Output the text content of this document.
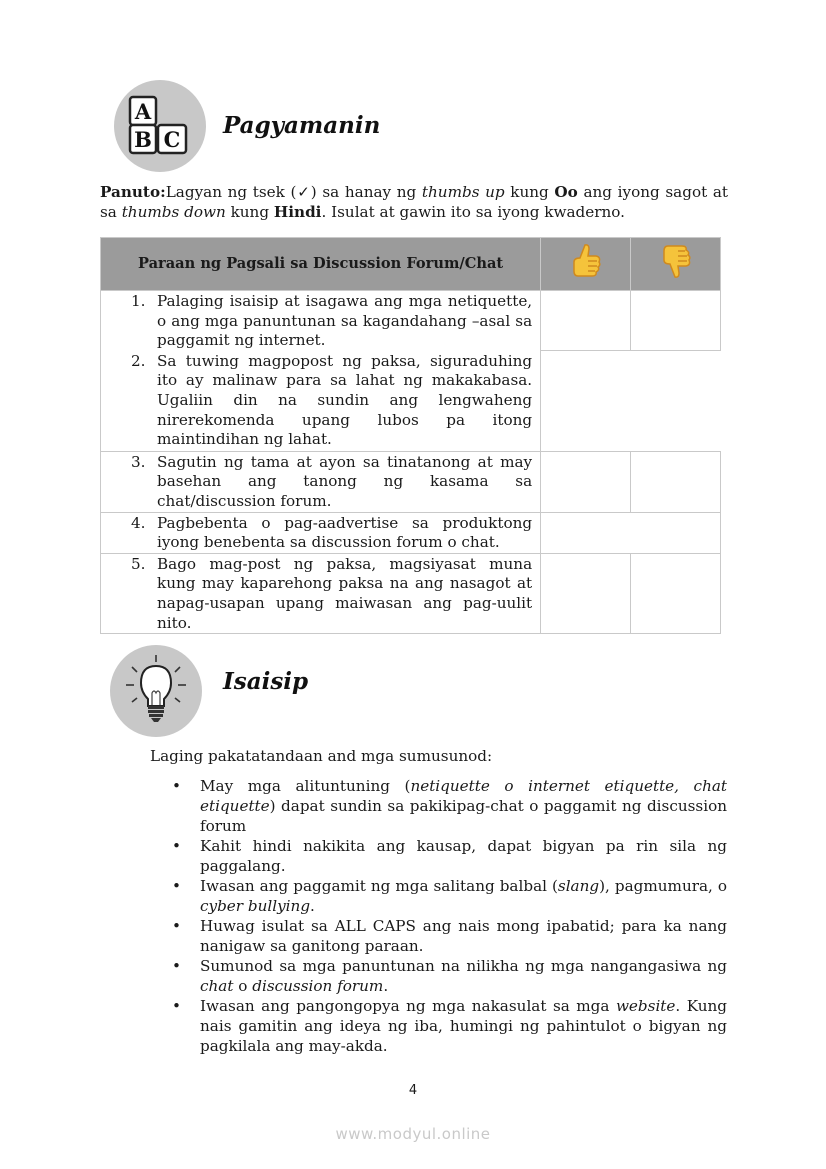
A
B C
Pagyamanin
Panuto:Lagyan ng tsek (✓) sa hanay ng thumbs up kung Oo ang iyong sagot at sa thumbs down kung Hindi. Isulat at gawin ito sa iyong kwaderno.
Paraan ng Pagsali sa Discussion Forum/Chat		

1. Palaging isaisip at isagawa ang mga netiquette, o ang mga panuntunan sa kagandahang –asal sa paggamit ng internet.		

2. Sa tuwing magpopost ng paksa, siguraduhing ito ay malinaw para sa lahat ng makakabasa. Ugaliin din na sundin ang lengwaheng nirerekomenda upang lubos pa itong maintindihan ng lahat.		

3. Sagutin ng tama at ayon sa tinatanong at may basehan ang tanong ng kasama sa chat/discussion forum.		

4. Pagbebenta o pag-aadvertise sa produktong iyong benebenta sa discussion forum o chat.		

5. Bago mag-post ng paksa, magsiyasat muna kung may kaparehong paksa na ang nasagot at napag-usapan upang maiwasan ang pag-uulit nito.		

Isaisip
Laging pakatatandaan and mga sumusunod:
• May mga alituntuning (netiquette o internet etiquette, chat etiquette) dapat sundin sa pakikipag-chat o paggamit ng discussion forum
• Kahit hindi nakikita ang kausap, dapat bigyan pa rin sila ng paggalang.
• Iwasan ang paggamit ng mga salitang balbal (slang), pagmumura, o cyber bullying.
• Huwag isulat sa ALL CAPS ang nais mong ipabatid; para ka nang nanigaw sa ganitong paraan.
• Sumunod sa mga panuntunan na nilikha ng mga nangangasiwa ng chat o discussion forum.
• Iwasan ang pangongopya ng mga nakasulat sa mga website. Kung nais gamitin ang ideya ng iba, humingi ng pahintulot o bigyan ng pagkilala ang may-akda.
4
www.modyul.online
